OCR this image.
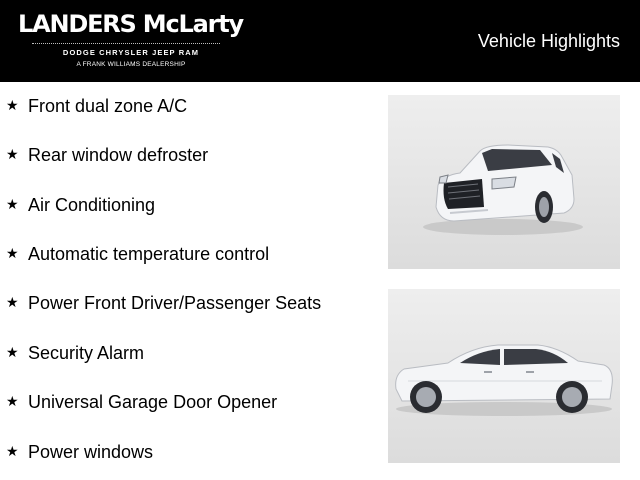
LANDERS McLarty
DODGE CHRYSLER JEEP RAM
A FRANK WILLIAMS DEALERSHIP
Vehicle Highlights
★ Front dual zone A/C
★ Rear window defroster
★ Air Conditioning
★ Automatic temperature control
★ Power Front Driver/Passenger Seats
★ Security Alarm
★ Universal Garage Door Opener
★ Power windows
